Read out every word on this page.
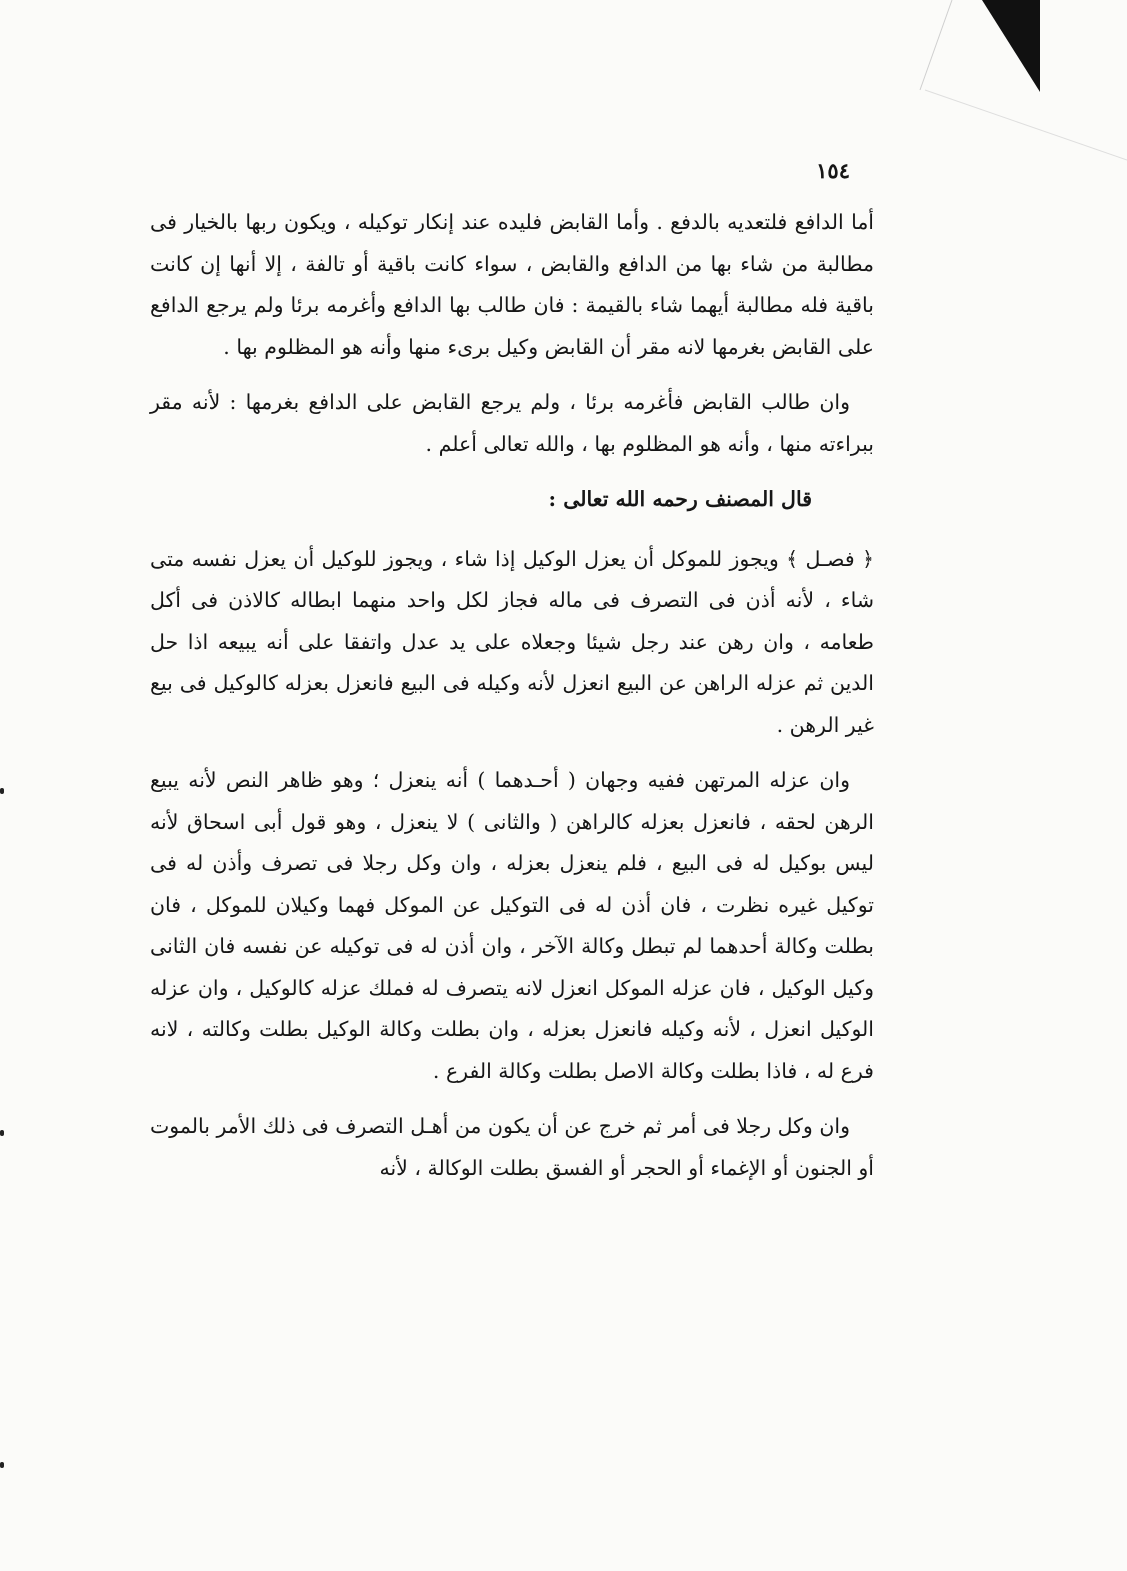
١٥٤

أما الدافع فلتعديه بالدفع . وأما القابض فليده عند إنكار توكيله ، ويكون ربها بالخيار فى مطالبة من شاء بها من الدافع والقابض ، سواء كانت باقية أو تالفة ، إلا أنها إن كانت باقية فله مطالبة أيهما شاء بالقيمة : فان طالب بها الدافع وأغرمه برئا ولم يرجع الدافع على القابض بغرمها لانه مقر أن القابض وكيل برىء منها وأنه هو المظلوم بها .

وان طالب القابض فأغرمه برئا ، ولم يرجع القابض على الدافع بغرمها : لأنه مقر ببراءته منها ، وأنه هو المظلوم بها ، والله تعالى أعلم .

قال المصنف رحمه الله تعالى :

﴿ فصـل ﴾ ويجوز للموكل أن يعزل الوكيل إذا شاء ، ويجوز للوكيل أن يعزل نفسه متى شاء ، لأنه أذن فى التصرف فى ماله فجاز لكل واحد منهما ابطاله كالاذن فى أكل طعامه ، وان رهن عند رجل شيئا وجعلاه على يد عدل واتفقا على أنه يبيعه اذا حل الدين ثم عزله الراهن عن البيع انعزل لأنه وكيله فى البيع فانعزل بعزله كالوكيل فى بيع غير الرهن .

وان عزله المرتهن ففيه وجهان ( أحـدهما ) أنه ينعزل ؛ وهو ظاهر النص لأنه يبيع الرهن لحقه ، فانعزل بعزله كالراهن ( والثانى ) لا ينعزل ، وهو قول أبى اسحاق لأنه ليس بوكيل له فى البيع ، فلم ينعزل بعزله ، وان وكل رجلا فى تصرف وأذن له فى توكيل غيره نظرت ، فان أذن له فى التوكيل عن الموكل فهما وكيلان للموكل ، فان بطلت وكالة أحدهما لم تبطل وكالة الآخر ، وان أذن له فى توكيله عن نفسه فان الثانى وكيل الوكيل ، فان عزله الموكل انعزل لانه يتصرف له فملك عزله كالوكيل ، وان عزله الوكيل انعزل ، لأنه وكيله فانعزل بعزله ، وان بطلت وكالة الوكيل بطلت وكالته ، لانه فرع له ، فاذا بطلت وكالة الاصل بطلت وكالة الفرع .

وان وكل رجلا فى أمر ثم خرج عن أن يكون من أهـل التصرف فى ذلك الأمر بالموت أو الجنون أو الإغماء أو الحجر أو الفسق بطلت الوكالة ، لأنه
